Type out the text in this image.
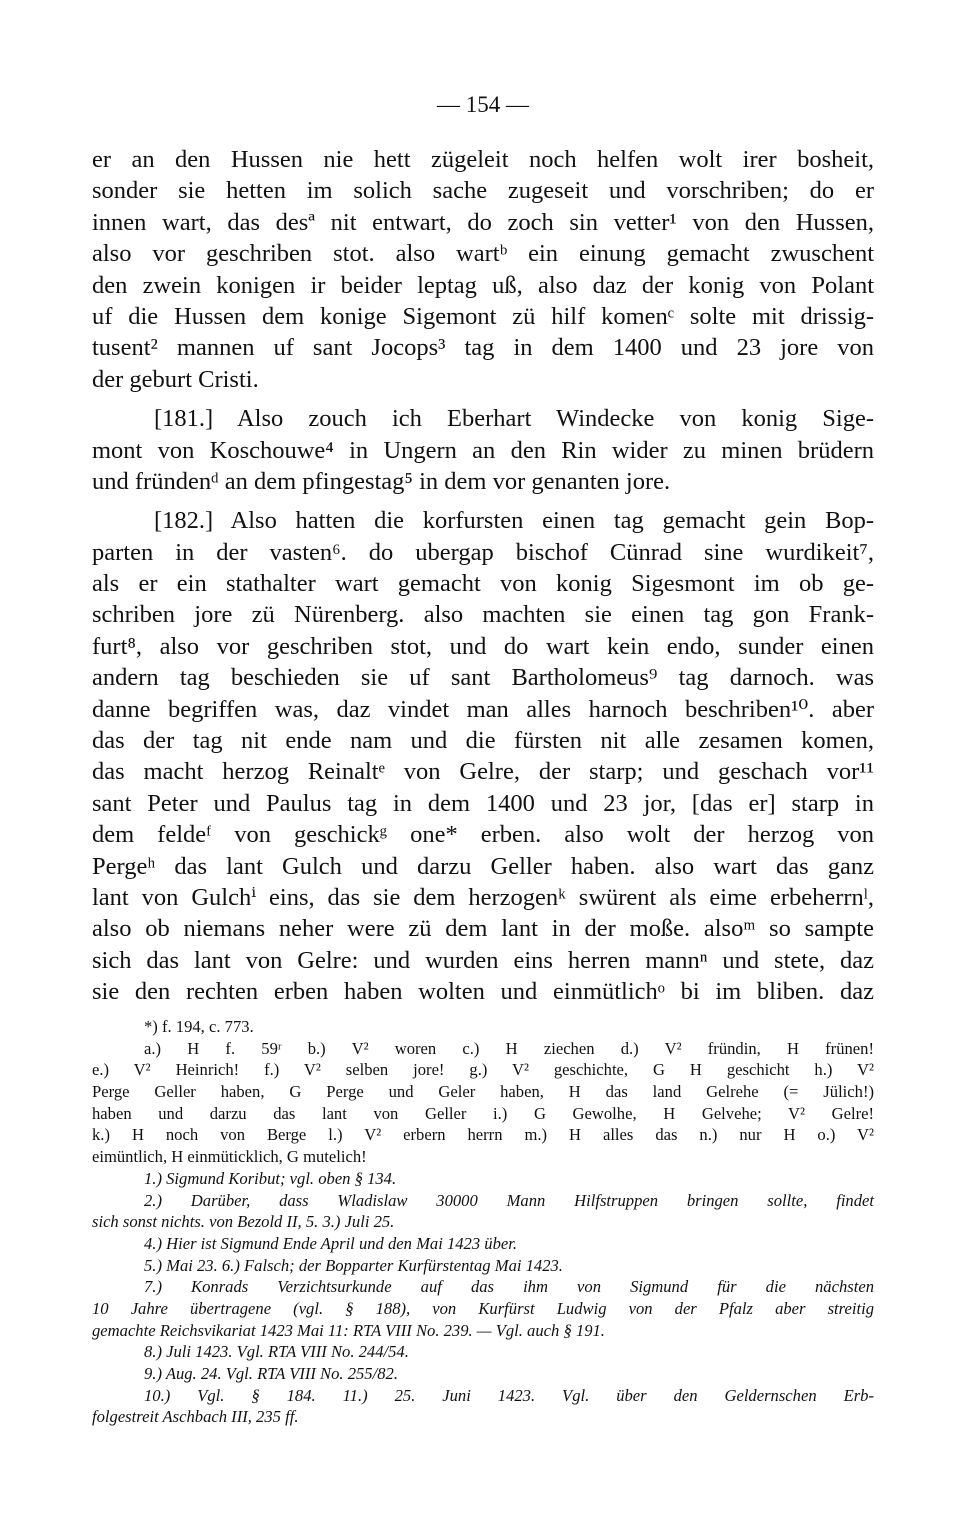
— 154 —
er an den Hussen nie hett zügeleit noch helfen wolt irer bosheit,
sonder sie hetten im solich sache zugeseit und vorschriben; do er
innen wart, das desª nit entwart, do zoch sin vetter¹ von den Hussen,
also vor geschriben stot. also wartᵇ ein einung gemacht zwuschent
den zwein konigen ir beider leptag uß, also daz der konig von Polant
uf die Hussen dem konige Sigemont zü hilf komenᶜ solte mit drissig-
tusent² mannen uf sant Jocops³ tag in dem 1400 und 23 jore von
der geburt Cristi.
[181.] Also zouch ich Eberhart Windecke von konig Sige-
mont von Koschouwe⁴ in Ungern an den Rin wider zu minen brüdern
und fründenᵈ an dem pfingestag⁵ in dem vor genanten jore.
[182.] Also hatten die korfursten einen tag gemacht gein Bop-
parten in der vasten⁶. do ubergap bischof Cünrad sine wurdikeit⁷,
als er ein stathalter wart gemacht von konig Sigesmont im ob ge-
schriben jore zü Nürenberg. also machten sie einen tag gon Frank-
furt⁸, also vor geschriben stot, und do wart kein endo, sunder einen
andern tag beschieden sie uf sant Bartholomeus⁹ tag darnoch. was
danne begriffen was, daz vindet man alles harnoch beschriben¹⁰. aber
das der tag nit ende nam und die fürsten nit alle zesamen komen,
das macht herzog Reinaltᵉ von Gelre, der starp; und geschach vor¹¹
sant Peter und Paulus tag in dem 1400 und 23 jor, [das er] starp in
dem feldeᶠ von geschickᵍ one* erben. also wolt der herzog von
Pergeʰ das lant Gulch und darzu Geller haben. also wart das ganz
lant von Gulchⁱ eins, das sie dem herzogenᵏ swürent als eime erbeherrnˡ,
also ob niemans neher were zü dem lant in der moße. alsoᵐ so sampte
sich das lant von Gelre: und wurden eins herren mannⁿ und stete, daz
sie den rechten erben haben wolten und einmütlichᵒ bi im bliben. daz
*) f. 194, c. 773.
a.) H f. 59ʳ b.) V² woren c.) H ziechen d.) V² fründin, H frünen!
e.) V² Heinrich! f.) V² selben jore! g.) V² geschichte, G H geschicht h.) V²
Perge Geller haben, G Perge und Geler haben, H das land Gelrehe (= Jülich!)
haben und darzu das lant von Geller i.) G Gewolhe, H Gelvehe; V² Gelre!
k.) H noch von Berge l.) V² erbern herrn m.) H alles das n.) nur H o.) V²
eimüntlich, H einmüticklich, G mutelich!
1.) Sigmund Koribut; vgl. oben § 134.
2.) Darüber, dass Wladislaw 30000 Mann Hilfstruppen bringen sollte, findet
sich sonst nichts. von Bezold II, 5. 3.) Juli 25.
4.) Hier ist Sigmund Ende April und den Mai 1423 über.
5.) Mai 23. 6.) Falsch; der Bopparter Kurfürstentag Mai 1423.
7.) Konrads Verzichtsurkunde auf das ihm von Sigmund für die nächsten
10 Jahre übertragene (vgl. § 188), von Kurfürst Ludwig von der Pfalz aber streitig
gemachte Reichsvikariat 1423 Mai 11: RTA VIII No. 239. — Vgl. auch § 191.
8.) Juli 1423. Vgl. RTA VIII No. 244/54.
9.) Aug. 24. Vgl. RTA VIII No. 255/82.
10.) Vgl. § 184. 11.) 25. Juni 1423. Vgl. über den Geldernschen Erb-
folgestreit Aschbach III, 235 ff.
